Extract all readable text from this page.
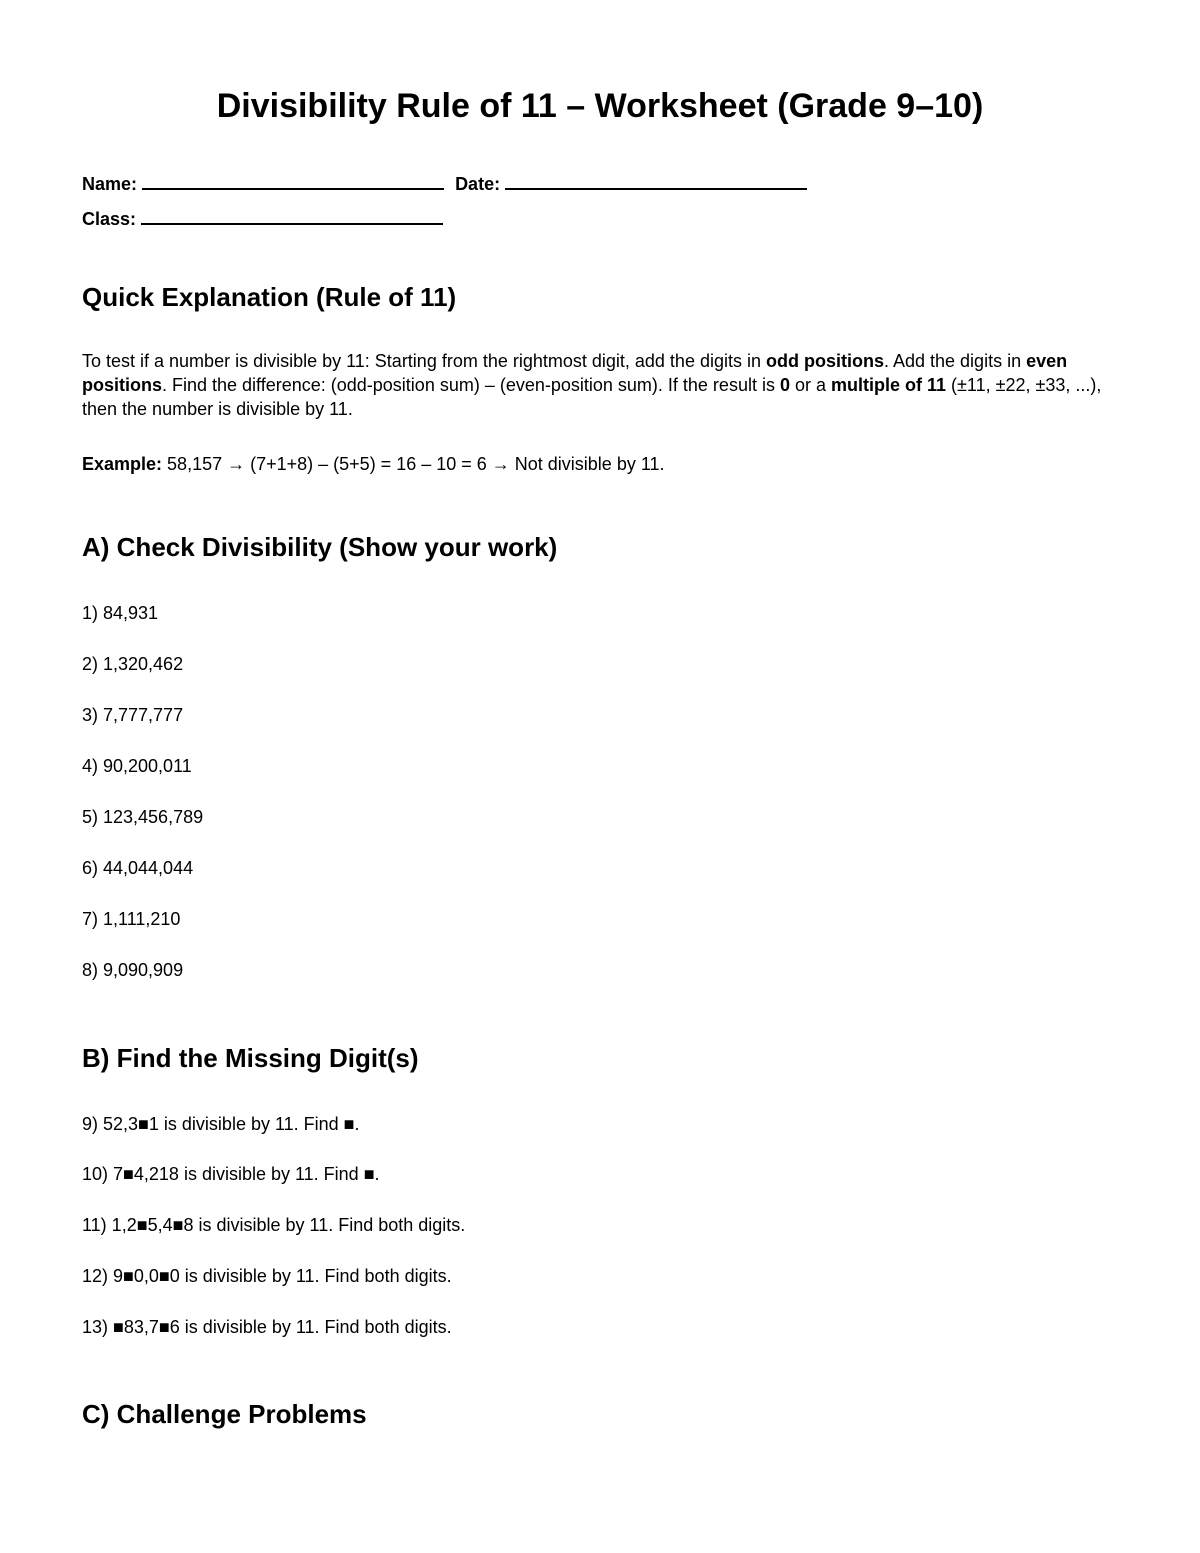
Divisibility Rule of 11 – Worksheet (Grade 9–10)
Name:	Date:
Class:
Quick Explanation (Rule of 11)
To test if a number is divisible by 11: Starting from the rightmost digit, add the digits in odd positions. Add the digits in even positions. Find the difference: (odd-position sum) – (even-position sum). If the result is 0 or a multiple of 11 (±11, ±22, ±33, ...), then the number is divisible by 11.
Example: 58,157 → (7+1+8) – (5+5) = 16 – 10 = 6 → Not divisible by 11.
A) Check Divisibility (Show your work)
1) 84,931
2) 1,320,462
3) 7,777,777
4) 90,200,011
5) 123,456,789
6) 44,044,044
7) 1,111,210
8) 9,090,909
B) Find the Missing Digit(s)
9) 52,3■1 is divisible by 11. Find ■.
10) 7■4,218 is divisible by 11. Find ■.
11) 1,2■5,4■8 is divisible by 11. Find both digits.
12) 9■0,0■0 is divisible by 11. Find both digits.
13) ■83,7■6 is divisible by 11. Find both digits.
C) Challenge Problems
